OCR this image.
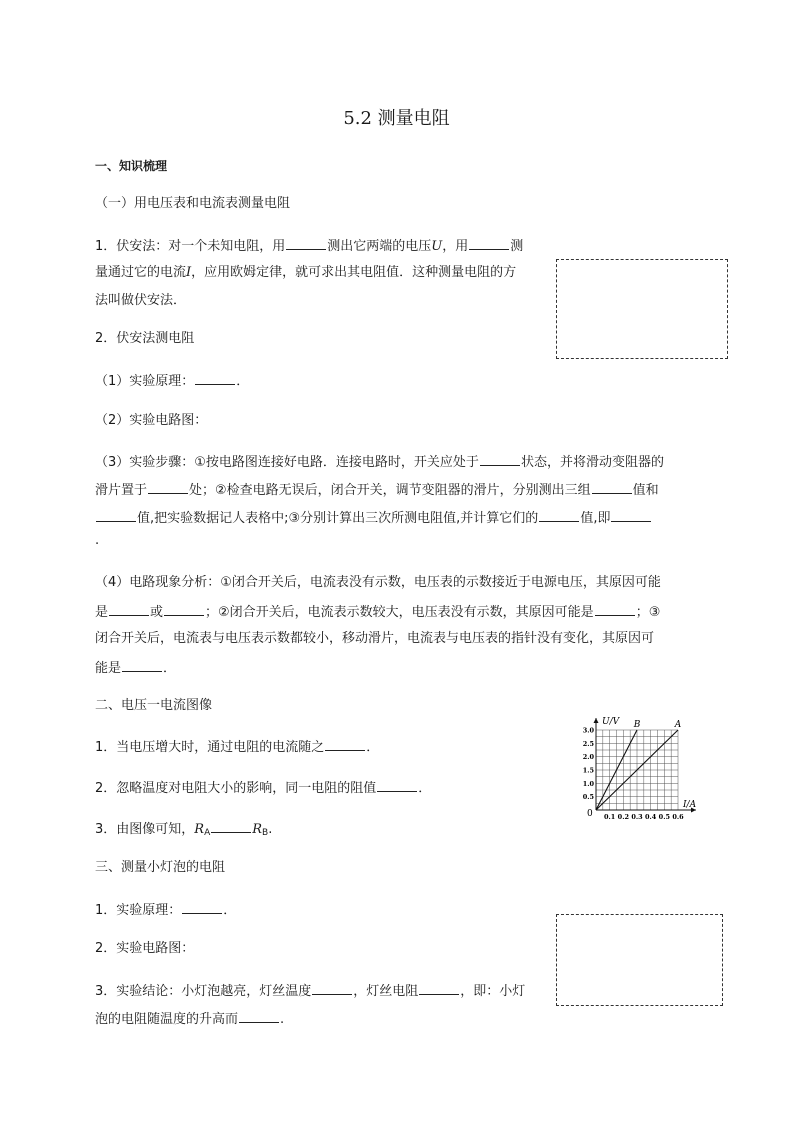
5.2 测量电阻
一、知识梳理
（一）用电压表和电流表测量电阻
1．伏安法：对一个未知电阻，用	测出它两端的电压U，用	测
量通过它的电流I，应用欧姆定律，就可求出其电阻值．这种测量电阻的方
法叫做伏安法．
2．伏安法测电阻
（1）实验原理：	．
（2）实验电路图：
（3）实验步骤：①按电路图连接好电路．连接电路时，开关应处于	状态，并将滑动变阻器的
滑片置于	处；②检查电路无误后，闭合开关，调节变阻器的滑片，分别测出三组	值和
值,把实验数据记人表格中;③分别计算出三次所测电阻值,并计算它们的	值,即
.
（4）电路现象分析：①闭合开关后，电流表没有示数，电压表的示数接近于电源电压，其原因可能
是	或	；②闭合开关后，电流表示数较大，电压表没有示数，其原因可能是	；③
闭合开关后，电流表与电压表示数都较小，移动滑片，电流表与电压表的指针没有变化，其原因可
能是	．
二、电压一电流图像
1．当电压增大时，通过电阻的电流随之	．
2．忽略温度对电阻大小的影响，同一电阻的阻值	．
3．由图像可知，$R_A$	$R_B$.
0.1 0.2 0.3 0.4 0.5 0.6
0.5
1.0
1.5
2.0
2.5
3.0
A
B
U/V
I/A
0
三、测量小灯泡的电阻
1．实验原理：	．
2．实验电路图：
3．实验结论：小灯泡越亮，灯丝温度	，灯丝电阻	，即：小灯
泡的电阻随温度的升高而	.
